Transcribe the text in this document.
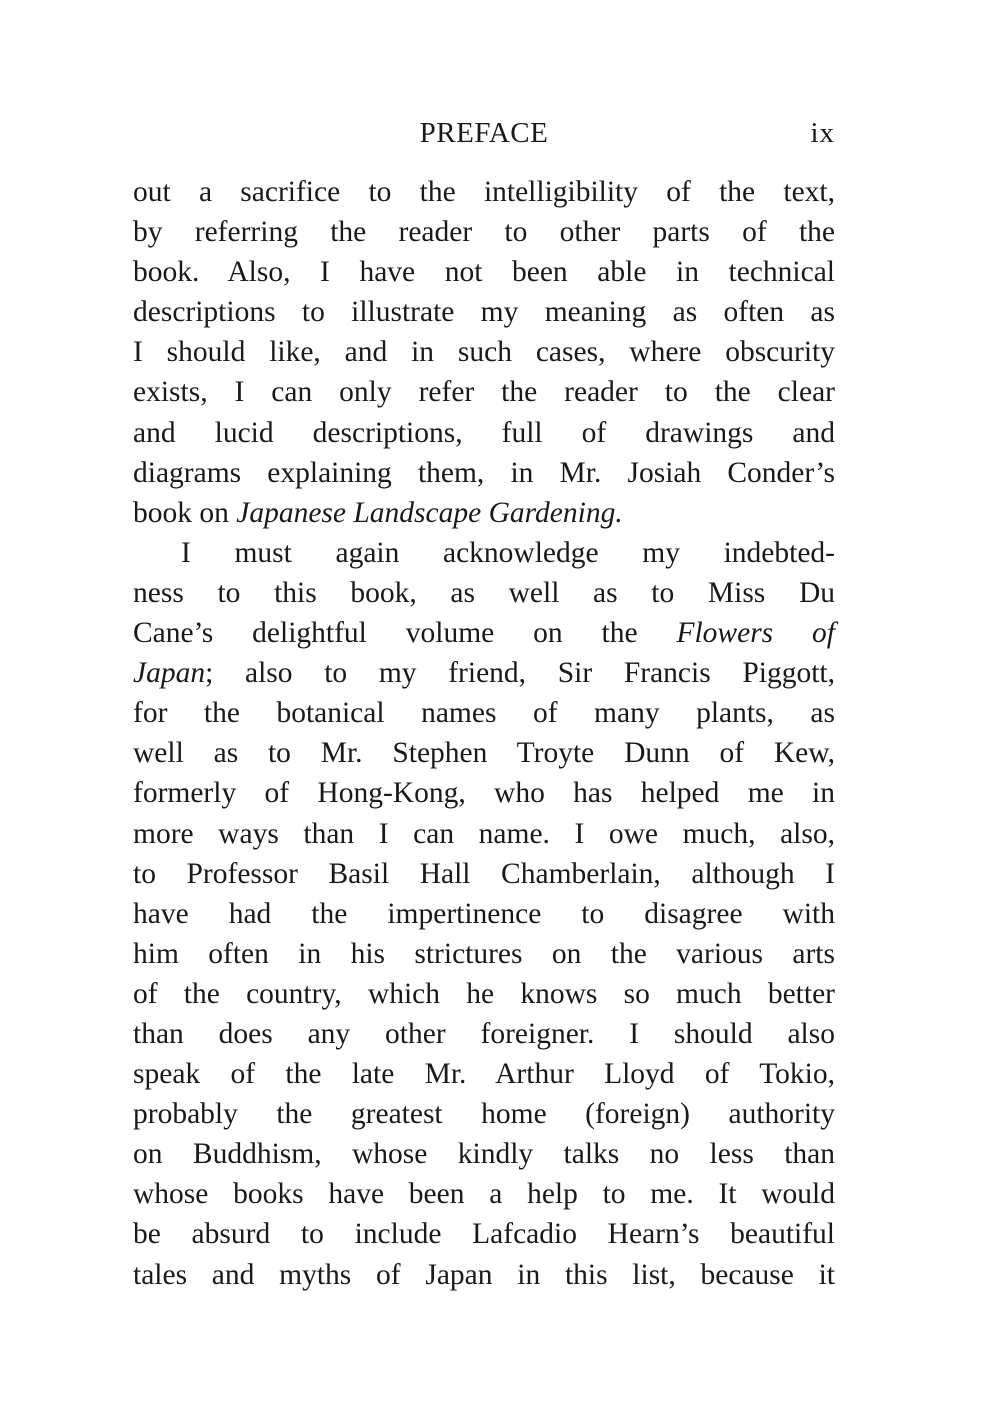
PREFACE	ix
out a sacrifice to the intelligibility of the text,
by referring the reader to other parts of the
book. Also, I have not been able in technical
descriptions to illustrate my meaning as often as
I should like, and in such cases, where obscurity
exists, I can only refer the reader to the clear
and lucid descriptions, full of drawings and
diagrams explaining them, in Mr. Josiah Conder’s
book on Japanese Landscape Gardening.
I must again acknowledge my indebted-
ness to this book, as well as to Miss Du
Cane’s delightful volume on the Flowers of
Japan; also to my friend, Sir Francis Piggott,
for the botanical names of many plants, as
well as to Mr. Stephen Troyte Dunn of Kew,
formerly of Hong-Kong, who has helped me in
more ways than I can name. I owe much, also,
to Professor Basil Hall Chamberlain, although I
have had the impertinence to disagree with
him often in his strictures on the various arts
of the country, which he knows so much better
than does any other foreigner. I should also
speak of the late Mr. Arthur Lloyd of Tokio,
probably the greatest home (foreign) authority
on Buddhism, whose kindly talks no less than
whose books have been a help to me. It would
be absurd to include Lafcadio Hearn’s beautiful
tales and myths of Japan in this list, because it
